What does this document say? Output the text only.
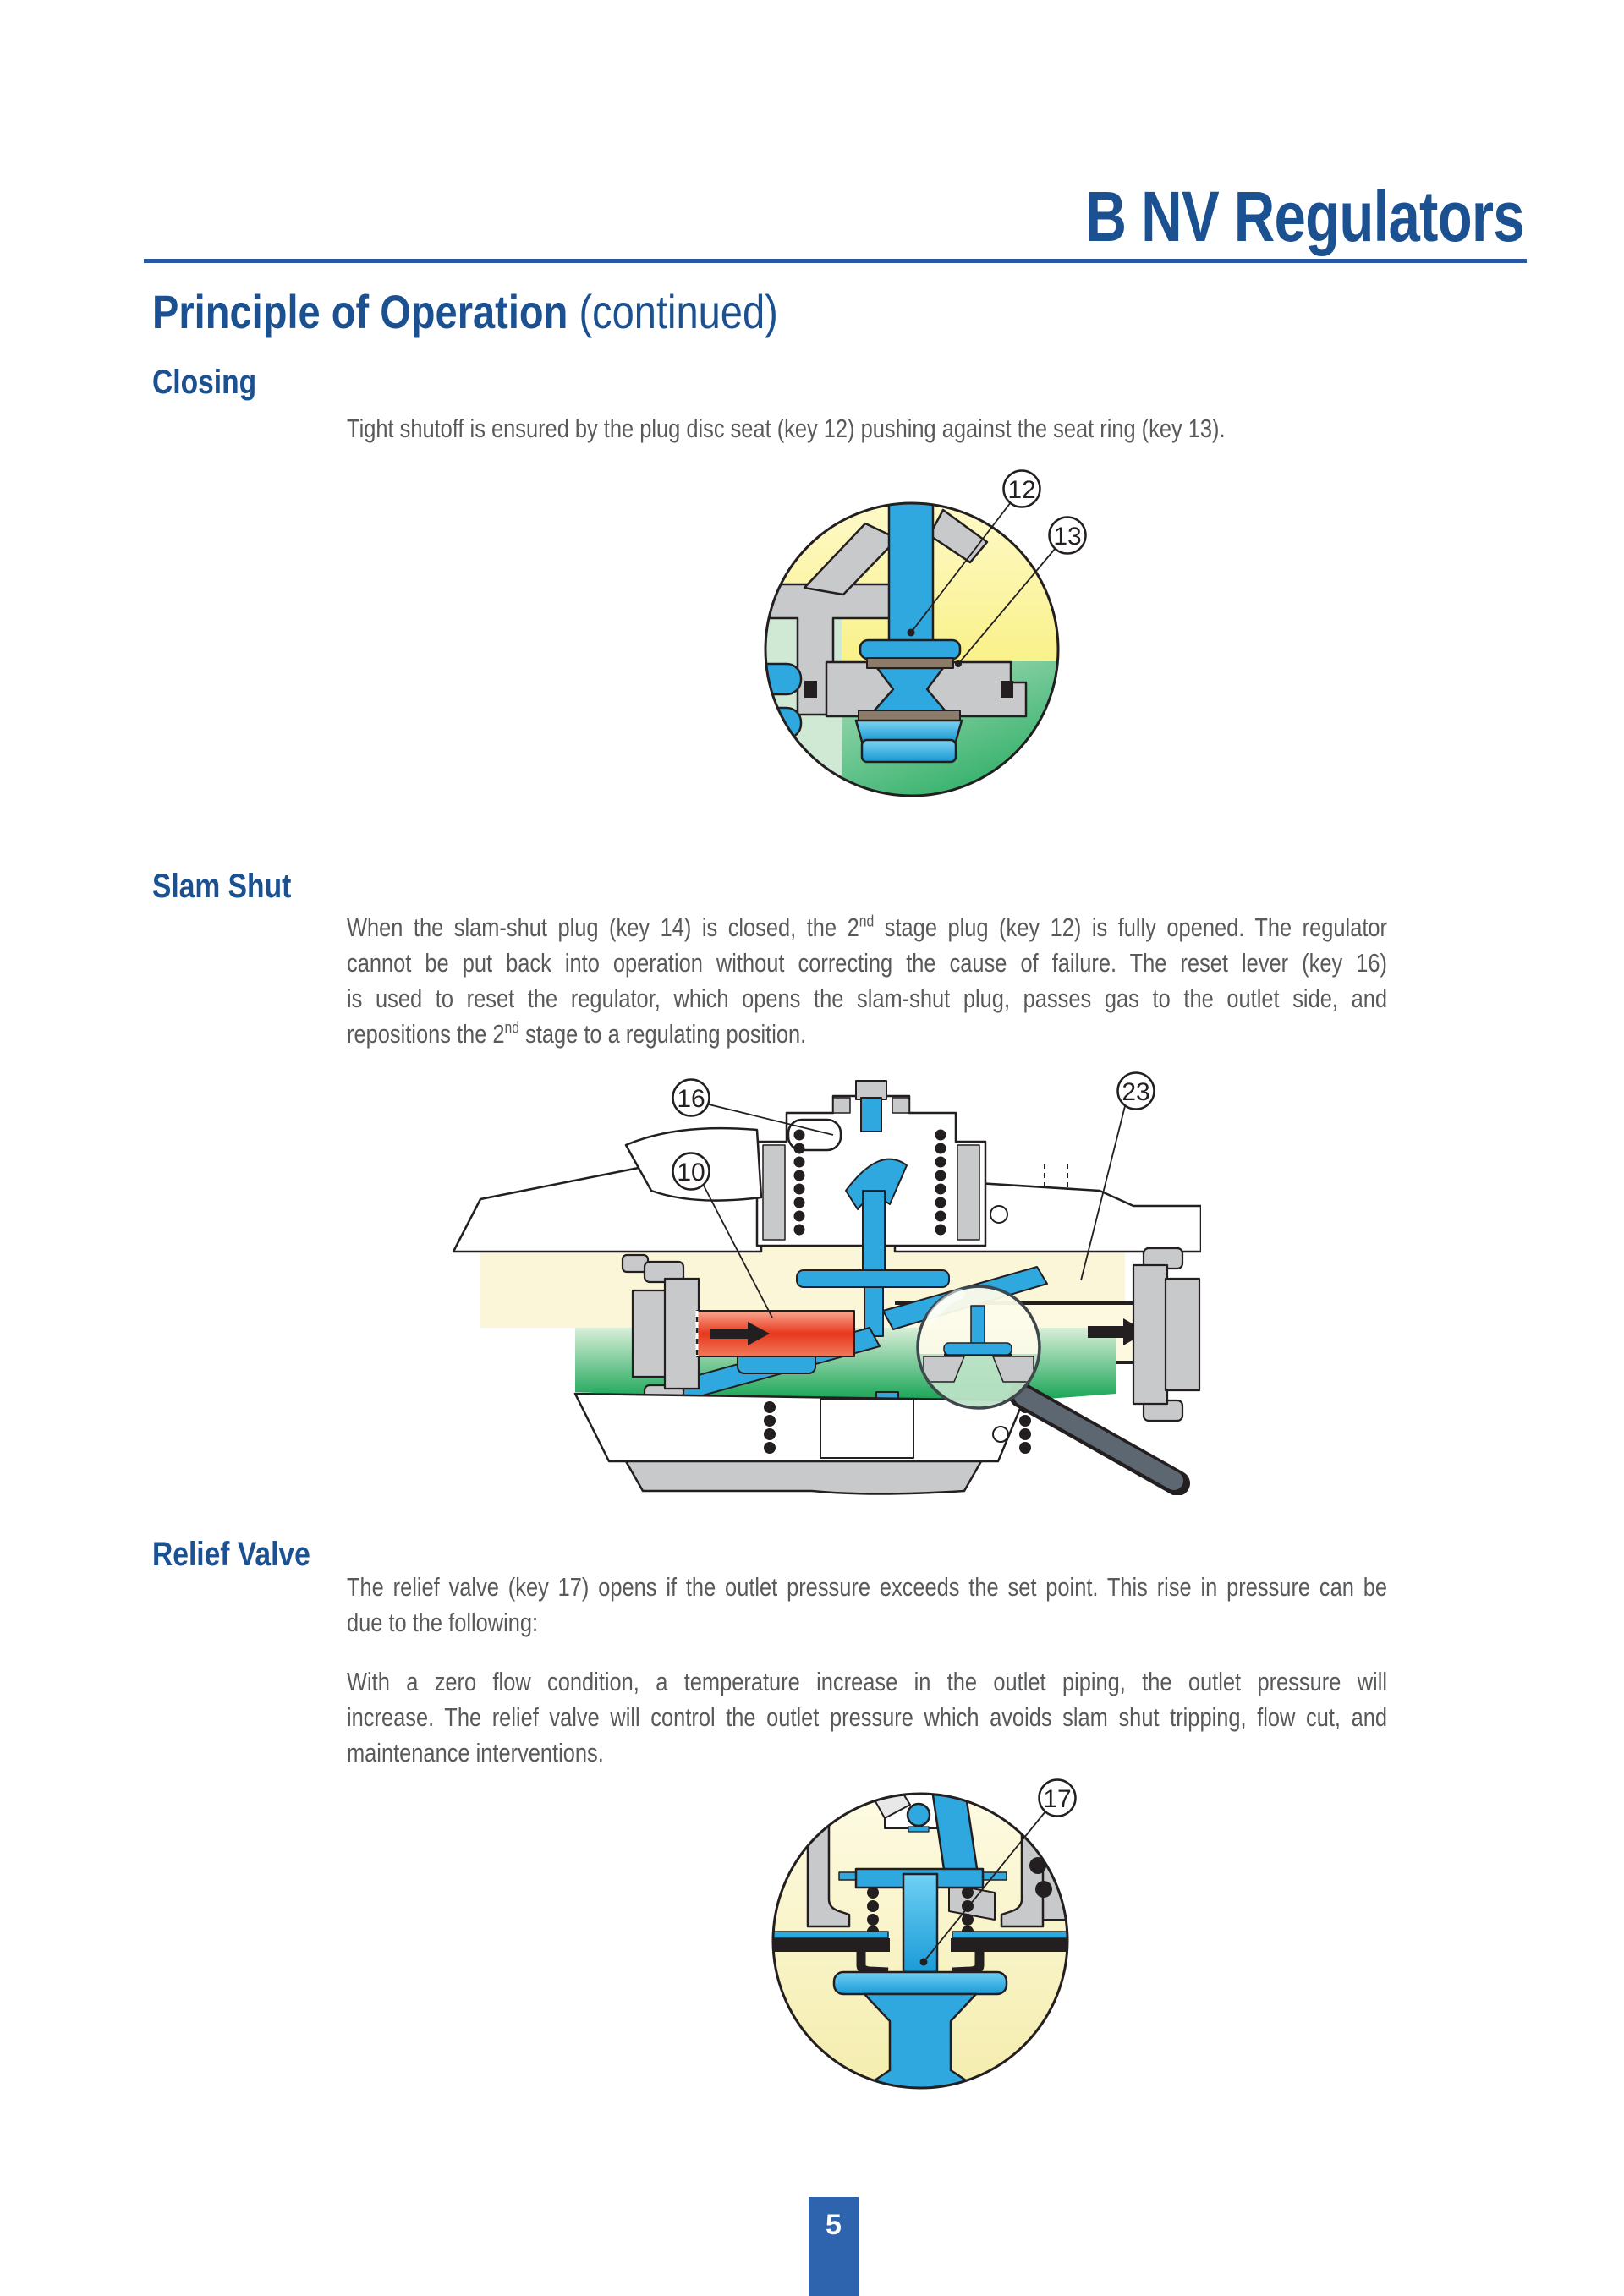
B NV Regulators
Principle of Operation (continued)
Closing
Tight shutoff is ensured by the plug disc seat (key 12) pushing against the seat ring (key 13).
12
13
Slam Shut
When the slam-shut plug (key 14) is closed, the 2nd stage plug (key 12) is fully opened. The regulator
cannot be put back into operation without correcting the cause of failure. The reset lever (key 16)
is used to reset the regulator, which opens the slam-shut plug, passes gas to the outlet side, and
repositions the 2nd stage to a regulating position.
16
10
23
Relief Valve
The relief valve (key 17) opens if the outlet pressure exceeds the set point. This rise in pressure can be
due to the following:
With a zero flow condition, a temperature increase in the outlet piping, the outlet pressure will
increase. The relief valve will control the outlet pressure which avoids slam shut tripping, flow cut, and
maintenance interventions.
17
5
